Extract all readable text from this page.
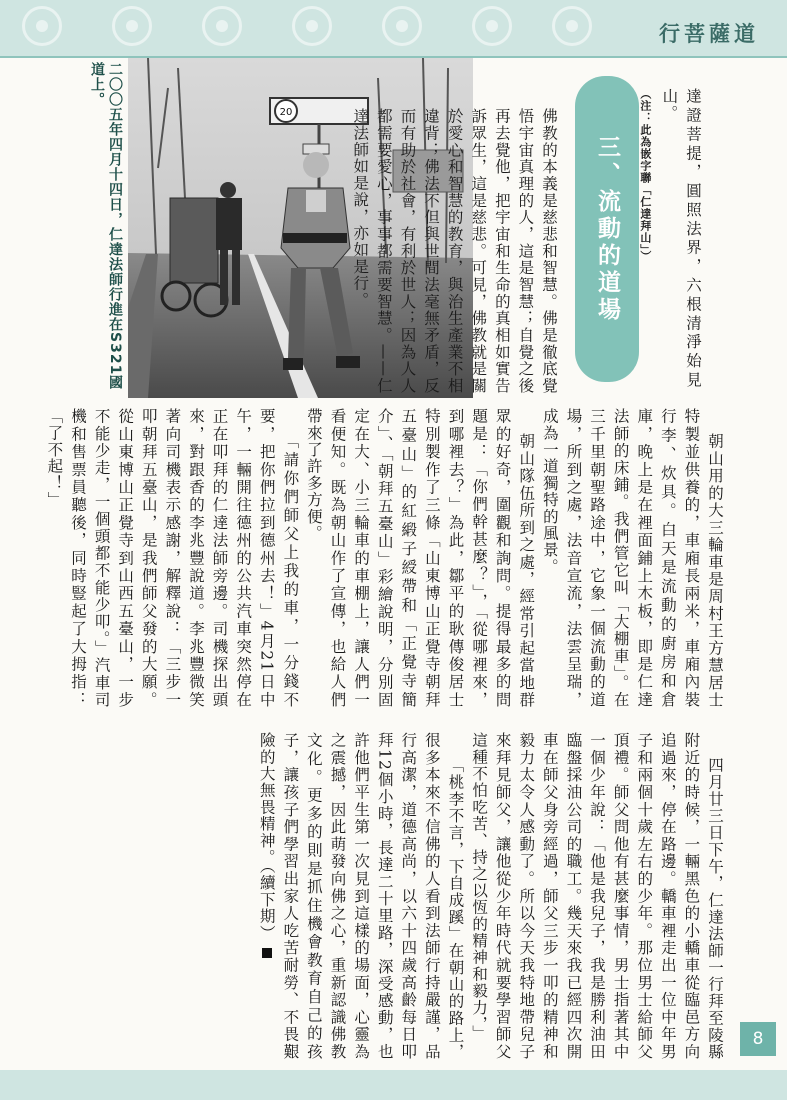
行菩薩道
20
二〇〇五年四月十四日，仁達法師行進在S321國道上。

達證菩提，圓照法界，六根清淨始見山。

（注：此為嵌字聯「仁達拜山」）

三、流動的道場

佛教的本義是慈悲和智慧。佛是徹底覺悟宇宙真理的人，這是智慧；自覺之後再去覺他，把宇宙和生命的真相如實告訴眾生，這是慈悲。可見，佛教就是關於愛心和智慧的教育，與治生產業不相違背；佛法不但與世間法毫無矛盾，反而有助於社會，有利於世人；因為人人都需要愛心，事事都需要智慧。——仁達法師如是說，亦如是行。

朝山用的大三輪車是周村王方慧居士特製並供養的，車廂長兩米，車廂內裝行李、炊具。白天是流動的廚房和倉庫，晚上是在裡面鋪上木板，即是仁達法師的床鋪。我們管它叫「大棚車」。在三千里朝聖路途中，它象一個流動的道場，所到之處，法音宣流，法雲呈瑞，成為一道獨特的風景。

朝山隊伍所到之處，經常引起當地群眾的好奇，圍觀和詢問。提得最多的問題是：「你們幹甚麼？」，「從哪裡來，到哪裡去？」為此，鄒平的耿傳俊居士特別製作了三條「山東博山正覺寺朝拜五臺山」的紅緞子綬帶和「正覺寺簡介」、「朝拜五臺山」彩繪說明，分別固定在大、小三輪車的車棚上，讓人們一看便知。既為朝山作了宣傳，也給人們帶來了許多方便。

「請你們師父上我的車，一分錢不要，把你們拉到德州去！」4月21日中午，一輛開往德州的公共汽車突然停在正在叩拜的仁達法師旁邊。司機探出頭來，對跟香的李兆豐說道。李兆豐微笑著向司機表示感謝，解釋說：「三步一叩朝拜五臺山，是我們師父發的大願。從山東博山正覺寺到山西五臺山，一步不能少走，一個頭都不能少叩。」汽車司機和售票員聽後，同時豎起了大拇指：「了不起！」

四月廿三日下午，仁達法師一行拜至陵縣附近的時候，一輛黑色的小轎車從臨邑方向追過來，停在路邊。轎車裡走出一位中年男子和兩個十歲左右的少年。那位男士給師父頂禮。師父問他有甚麼事情，男士指著其中一個少年說：「他是我兒子，我是勝利油田臨盤採油公司的職工。幾天來我已經四次開車在師父身旁經過，師父三步一叩的精神和毅力太令人感動了。所以今天我特地帶兒子來拜見師父，讓他從少年時代就要學習師父這種不怕吃苦、持之以恆的精神和毅力，」

「桃李不言，下自成蹊」在朝山的路上，很多本來不信佛的人看到法師行持嚴謹，品行高潔，道德高尚，以六十四歲高齡每日叩拜12個小時，長達二十里路，深受感動，也許他們平生第一次見到這樣的場面，心靈為之震撼，因此萌發向佛之心，重新認識佛教文化。更多的則是抓住機會教育自己的孩子，讓孩子們學習出家人吃苦耐勞、不畏艱險的大無畏精神。（續下期）

8
